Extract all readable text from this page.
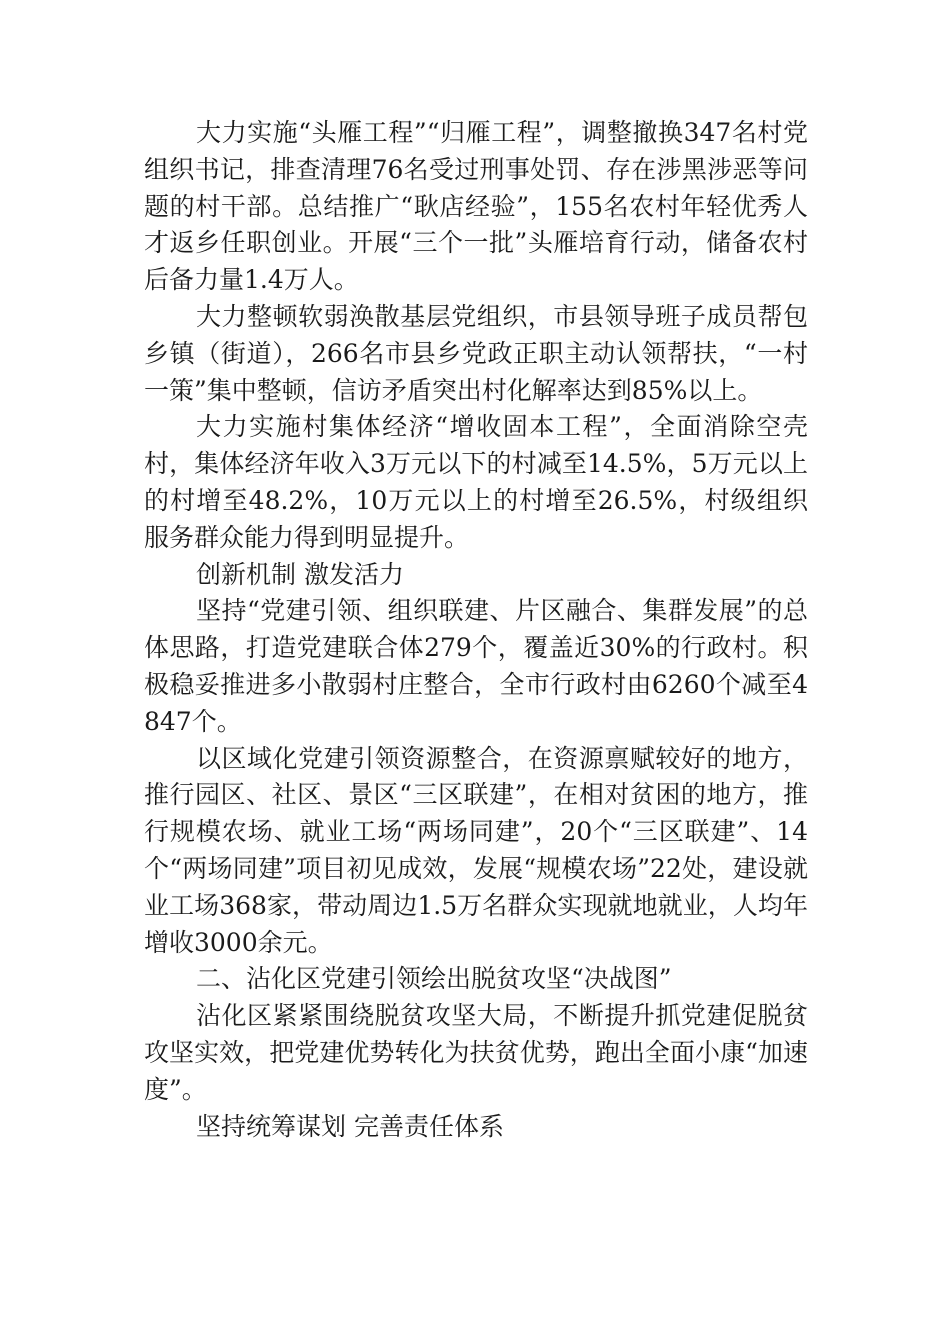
大力实施“头雁工程”“归雁工程”，调整撤换347名村党组织书记，排查清理76名受过刑事处罚、存在涉黑涉恶等问题的村干部。总结推广“耿店经验”，155名农村年轻优秀人才返乡任职创业。开展“三个一批”头雁培育行动，储备农村后备力量1.4万人。

大力整顿软弱涣散基层党组织，市县领导班子成员帮包乡镇（街道），266名市县乡党政正职主动认领帮扶，“一村一策”集中整顿，信访矛盾突出村化解率达到85%以上。

大力实施村集体经济“增收固本工程”，全面消除空壳村，集体经济年收入3万元以下的村减至14.5%，5万元以上的村增至48.2%，10万元以上的村增至26.5%，村级组织服务群众能力得到明显提升。

创新机制 激发活力

坚持“党建引领、组织联建、片区融合、集群发展”的总体思路，打造党建联合体279个，覆盖近30%的行政村。积极稳妥推进多小散弱村庄整合，全市行政村由6260个减至4847个。

以区域化党建引领资源整合，在资源禀赋较好的地方，推行园区、社区、景区“三区联建”，在相对贫困的地方，推行规模农场、就业工场“两场同建”，20个“三区联建”、14个“两场同建”项目初见成效，发展“规模农场”22处，建设就业工场368家，带动周边1.5万名群众实现就地就业，人均年增收3000余元。

二、沾化区党建引领绘出脱贫攻坚“决战图”

沾化区紧紧围绕脱贫攻坚大局，不断提升抓党建促脱贫攻坚实效，把党建优势转化为扶贫优势，跑出全面小康“加速度”。

坚持统筹谋划 完善责任体系
